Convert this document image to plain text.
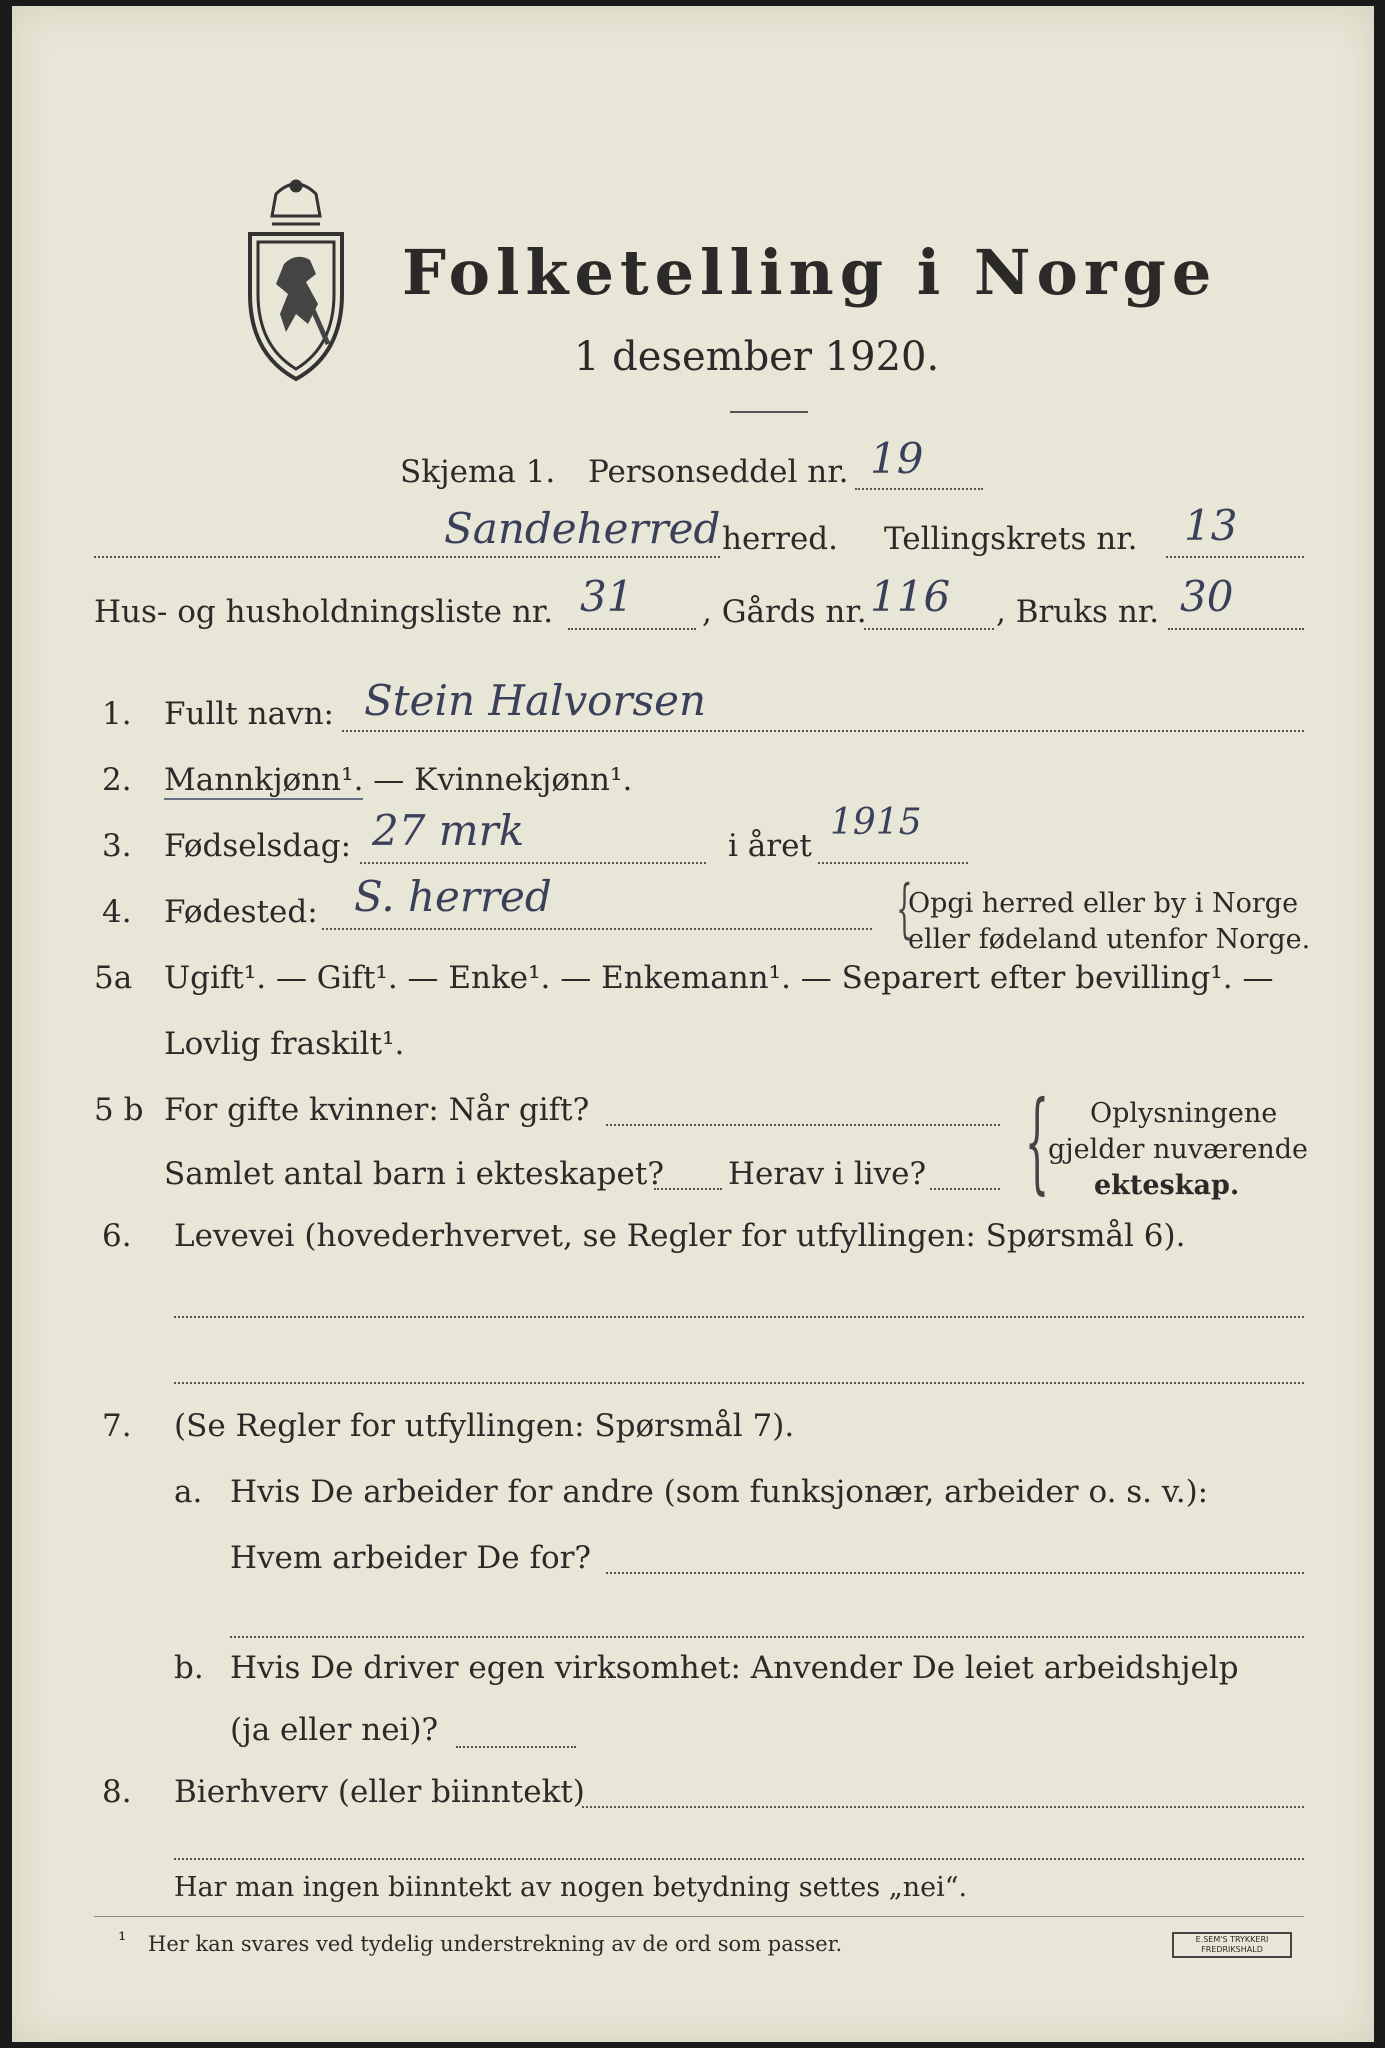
Folketelling i Norge
1 desember 1920.
Skjema 1. Personseddel nr. 19
Sandeherred herred. Tellingskrets nr. 13
Hus- og husholdningsliste nr. 31 , Gårds nr. 116 , Bruks nr. 30
1. Fullt navn: Stein Halvorsen
2. Mannkjønn¹. — Kvinnekjønn¹.
3. Fødselsdag: 27 mrk	i året
1915
4. Fødested: S. herred	{
Opgi herred eller by i Norge
eller fødeland utenfor Norge.
5a Ugift¹. — Gift¹. — Enke¹. — Enkemann¹. — Separert efter bevilling¹. —
Lovlig fraskilt¹.
5 b For gifte kvinner: Når gift?
Samlet antal barn i ekteskapet? Herav i live? { Oplysningene
gjelder nuværende
ekteskap.
6. Levevei (hovederhvervet, se Regler for utfyllingen: Spørsmål 6).
7. (Se Regler for utfyllingen: Spørsmål 7).
a. Hvis De arbeider for andre (som funksjonær, arbeider o. s. v.):
Hvem arbeider De for?
b. Hvis De driver egen virksomhet: Anvender De leiet arbeidshjelp
(ja eller nei)?
8. Bierhverv (eller biinntekt)
Har man ingen biinntekt av nogen betydning settes „nei“.
¹ Her kan svares ved tydelig understrekning av de ord som passer.	E.SEM'S TRYKKERI
FREDRIKSHALD
